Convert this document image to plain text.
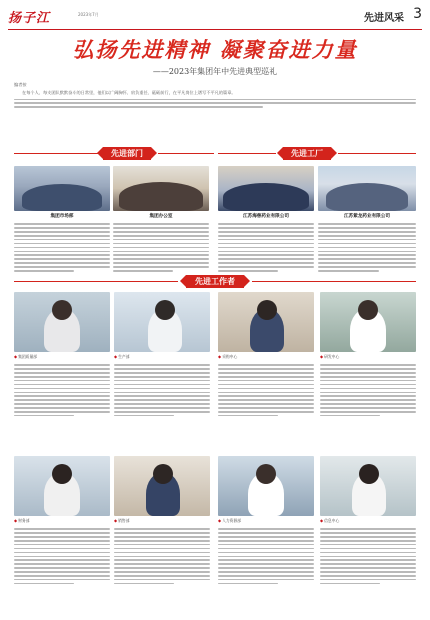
扬子江	2023年7月	先进风采 3
弘扬先进精神 凝聚奋进力量
——2023年集团年中先进典型巡礼
编者按
在每个人、每支团队默默奋斗的日常里，他们以广阔胸怀、肩负重任、砥砺前行，在平凡岗位上谱写不平凡的篇章。
先进部门	先进工厂
集团市场部	集团办公室	江苏海慈药业有限公司	江苏紫龙药业有限公司
先进工作者
◆集团质量部	◆生产部	◆采购中心	◆研发中心
◆财务部	◆销售部	◆人力资源部	◆信息中心
